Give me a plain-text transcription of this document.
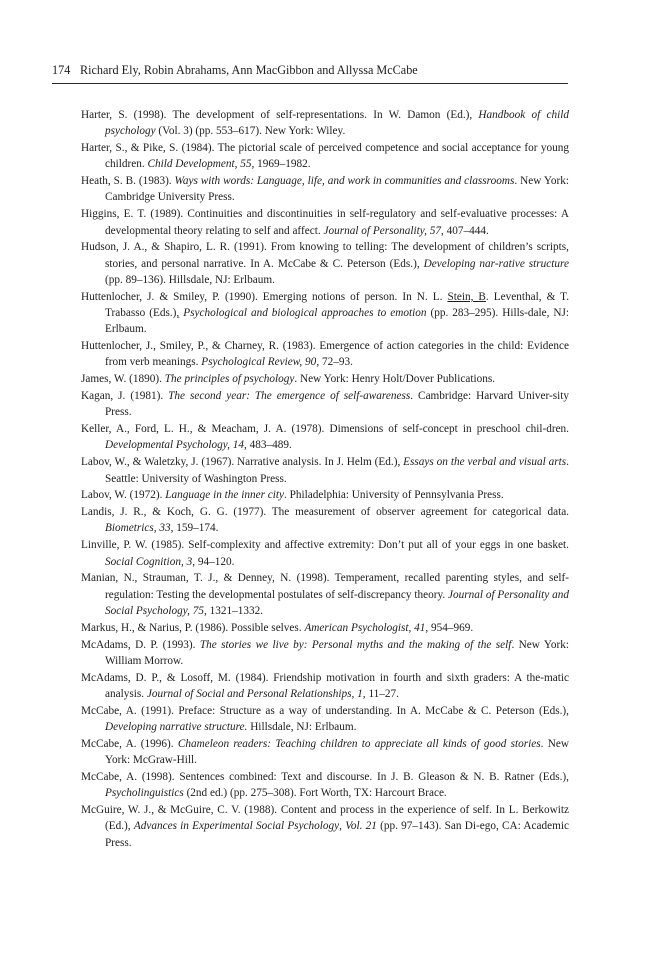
174 Richard Ely, Robin Abrahams, Ann MacGibbon and Allyssa McCabe
Harter, S. (1998). The development of self-representations. In W. Damon (Ed.), Handbook of child psychology (Vol. 3) (pp. 553–617). New York: Wiley.
Harter, S., & Pike, S. (1984). The pictorial scale of perceived competence and social acceptance for young children. Child Development, 55, 1969–1982.
Heath, S. B. (1983). Ways with words: Language, life, and work in communities and classrooms. New York: Cambridge University Press.
Higgins, E. T. (1989). Continuities and discontinuities in self-regulatory and self-evaluative processes: A developmental theory relating to self and affect. Journal of Personality, 57, 407–444.
Hudson, J. A., & Shapiro, L. R. (1991). From knowing to telling: The development of children’s scripts, stories, and personal narrative. In A. McCabe & C. Peterson (Eds.), Developing nar-rative structure (pp. 89–136). Hillsdale, NJ: Erlbaum.
Huttenlocher, J. & Smiley, P. (1990). Emerging notions of person. In N. L. Stein, B. Leventhal, & T. Trabasso (Eds.), Psychological and biological approaches to emotion (pp. 283–295). Hills-dale, NJ: Erlbaum.
Huttenlocher, J., Smiley, P., & Charney, R. (1983). Emergence of action categories in the child: Evidence from verb meanings. Psychological Review, 90, 72–93.
James, W. (1890). The principles of psychology. New York: Henry Holt/Dover Publications.
Kagan, J. (1981). The second year: The emergence of self-awareness. Cambridge: Harvard Univer-sity Press.
Keller, A., Ford, L. H., & Meacham, J. A. (1978). Dimensions of self-concept in preschool chil-dren. Developmental Psychology, 14, 483–489.
Labov, W., & Waletzky, J. (1967). Narrative analysis. In J. Helm (Ed.), Essays on the verbal and visual arts. Seattle: University of Washington Press.
Labov, W. (1972). Language in the inner city. Philadelphia: University of Pennsylvania Press.
Landis, J. R., & Koch, G. G. (1977). The measurement of observer agreement for categorical data. Biometrics, 33, 159–174.
Linville, P. W. (1985). Self-complexity and affective extremity: Don’t put all of your eggs in one basket. Social Cognition, 3, 94–120.
Manian, N., Strauman, T. J., & Denney, N. (1998). Temperament, recalled parenting styles, and self-regulation: Testing the developmental postulates of self-discrepancy theory. Journal of Personality and Social Psychology, 75, 1321–1332.
Markus, H., & Narius, P. (1986). Possible selves. American Psychologist, 41, 954–969.
McAdams, D. P. (1993). The stories we live by: Personal myths and the making of the self. New York: William Morrow.
McAdams, D. P., & Losoff, M. (1984). Friendship motivation in fourth and sixth graders: A the-matic analysis. Journal of Social and Personal Relationships, 1, 11–27.
McCabe, A. (1991). Preface: Structure as a way of understanding. In A. McCabe & C. Peterson (Eds.), Developing narrative structure. Hillsdale, NJ: Erlbaum.
McCabe, A. (1996). Chameleon readers: Teaching children to appreciate all kinds of good stories. New York: McGraw-Hill.
McCabe, A. (1998). Sentences combined: Text and discourse. In J. B. Gleason & N. B. Ratner (Eds.), Psycholinguistics (2nd ed.) (pp. 275–308). Fort Worth, TX: Harcourt Brace.
McGuire, W. J., & McGuire, C. V. (1988). Content and process in the experience of self. In L. Berkowitz (Ed.), Advances in Experimental Social Psychology, Vol. 21 (pp. 97–143). San Di-ego, CA: Academic Press.
